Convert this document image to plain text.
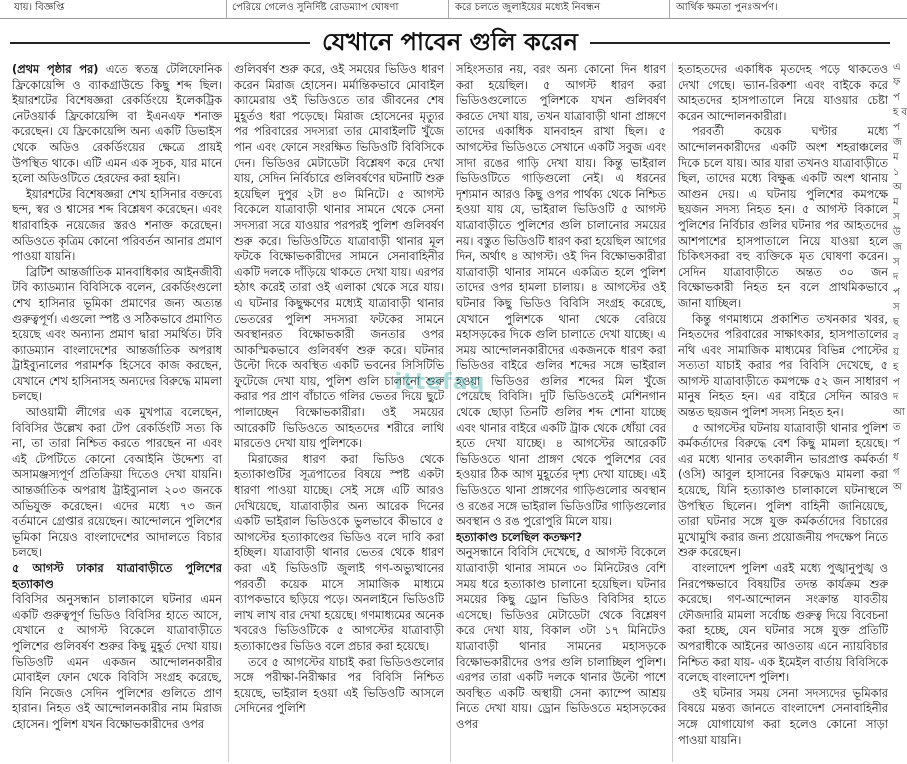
যায়। বিজ্ঞপ্তি	পেরিয়ে গেলেও সুনির্দিষ্ট রোডম্যাপ ঘোষণা	করে চলতে জুলাইয়ের মধ্যেই নিবন্ধন	আর্থিক ক্ষমতা পুনঃঅর্পণ।
যেখানে পাবেন গুলি করেন

(প্রথম পৃষ্ঠার পর) এতে স্বতন্ত্র টেলিফোনিক ফ্রিকোয়েন্সি ও ব্যাকগ্রাউন্ডে কিছু শব্দ ছিল। ইয়ারশটের বিশেষজ্ঞরা রেকর্ডিংয়ে ইলেকট্রিক নেটওয়ার্ক ফ্রিকোয়েন্সি বা ইএনএফ শনাক্ত করেছেন। যে ফ্রিকোয়েন্সি অন্য একটি ডিভাইস থেকে অডিও রেকর্ডিংয়ের ক্ষেত্রে প্রায়ই উপস্থিত থাকে। এটি এমন এক সূচক, যার মানে হলো অডিওটিতে হেরফের করা হয়নি।

ইয়ারশটের বিশেষজ্ঞরা শেখ হাসিনার বক্তব্যে ছন্দ, স্বর ও শ্বাসের শব্দ বিশ্লেষণ করেছেন। এবং ধারাবাহিক নয়েজের স্তরও শনাক্ত করেছেন। অডিওতে কৃত্রিম কোনো পরিবর্তন আনার প্রমাণ পাওয়া যায়নি।

ব্রিটিশ আন্তর্জাতিক মানবাধিকার আইনজীবী টবি ক্যাডম্যান বিবিসিকে বলেন, রেকর্ডিংগুলো শেখ হাসিনার ভূমিকা প্রমাণের জন্য অত্যন্ত গুরুত্বপূর্ণ। এগুলো স্পষ্ট ও সঠিকভাবে প্রমাণিত হয়েছে এবং অন্যান্য প্রমাণ দ্বারা সমর্থিত। টবি ক্যাডম্যান বাংলাদেশের আন্তর্জাতিক অপরাধ ট্রাইব্যুনালের পরামর্শক হিসেবে কাজ করছেন, যেখানে শেখ হাসিনাসহ অন্যদের বিরুদ্ধে মামলা চলছে।

আওয়ামী লীগের এক মুখপাত্র বলেছেন, বিবিসির উল্লেখ করা টেপ রেকর্ডিংটি সত্য কি না, তা তারা নিশ্চিত করতে পারছেন না এবং এই টেপটিতে কোনো বেআইনি উদ্দেশ্য বা অসামঞ্জস্যপূর্ণ প্রতিক্রিয়া দিতেও দেখা যায়নি। আন্তর্জাতিক অপরাধ ট্রাইব্যুনাল ২০৩ জনকে অভিযুক্ত করেছেন। এদের মধ্যে ৭৩ জন বর্তমানে গ্রেপ্তার রয়েছেন। আন্দোলনে পুলিশের ভূমিকা নিয়েও বাংলাদেশের আদালতে বিচার চলছে।

৫ আগস্ট ঢাকার যাত্রাবাড়ীতে পুলিশের হত্যাকাণ্ড

বিবিসির অনুসন্ধান চালাকালে ঘটনার এমন একটি গুরুত্বপূর্ণ ভিডিও বিবিসির হাতে আসে, যেখানে ৫ আগস্ট বিকেলে যাত্রাবাড়ীতে পুলিশের গুলিবর্ষণ শুরুর কিছু মুহূর্ত দেখা যায়। ভিডিওটি এমন একজন আন্দোলনকারীর মোবাইল ফোন থেকে বিবিসি সংগ্রহ করেছে, যিনি নিজেও সেদিন পুলিশের গুলিতে প্রাণ হারান। নিহত ওই আন্দোলনকারীর নাম মিরাজ হোসেন। পুলিশ যখন বিক্ষোভকারীদের ওপর

গুলিবর্ষণ শুরু করে, ওই সময়ের ভিডিও ধারণ করেন মিরাজ হোসেন। মর্মান্তিকভাবে মোবাইল ক্যামেরায় ওই ভিডিওতে তার জীবনের শেষ মুহূর্তও ধরা পড়েছে। মিরাজ হোসেনের মৃত্যুর পর পরিবারের সদস্যরা তার মোবাইলটি খুঁজে পান এবং ফোনে সংরক্ষিত ভিডিওটি বিবিসিকে দেন। ভিডিওর মেটাডেটা বিশ্লেষণ করে দেখা যায়, সেদিন নির্বিচারে গুলিবর্ষণের ঘটনাটি শুরু হয়েছিল দুপুর ২টা ৪৩ মিনিটে। ৫ আগস্ট বিকেলে যাত্রাবাড়ী থানার সামনে থেকে সেনা সদস্যরা সরে যাওয়ার পরপরই পুলিশ গুলিবর্ষণ শুরু করে। ভিডিওটিতে যাত্রাবাড়ী থানার মূল ফটকে বিক্ষোভকারীদের সামনে সেনাবাহিনীর একটি দলকে দাঁড়িয়ে থাকতে দেখা যায়। এরপর হঠাৎ করেই তারা ওই এলাকা থেকে সরে যায়। এ ঘটনার কিছুক্ষণের মধ্যেই যাত্রাবাড়ী থানার ভেতরের পুলিশ সদস্যরা ফটকের সামনে অবস্থানরত বিক্ষোভকারী জনতার ওপর আকস্মিকভাবে গুলিবর্ষণ শুরু করে। ঘটনার উল্টো দিকে অবস্থিত একটি ভবনের সিসিটিভি ফুটেজে দেখা যায়, পুলিশ গুলি চালানো শুরু করার পর প্রাণ বাঁচাতে গলির ভেতর দিয়ে ছুটে পালাচ্ছেন বিক্ষোভকারীরা। ওই সময়ের আরেকটি ভিডিওতে আহতদের শরীরে লাথি মারতেও দেখা যায় পুলিশকে।

মিরাজের ধারণ করা ভিডিও থেকে হত্যাকাণ্ডটির সূত্রপাতের বিষয়ে স্পষ্ট একটা ধারণা পাওয়া যাচ্ছে। সেই সঙ্গে এটি আরও দেখিয়েছে, যাত্রাবাড়ীর অন্য আরেক দিনের একটি ভাইরাল ভিডিওকে ভুলভাবে কীভাবে ৫ আগস্টের হত্যাকাণ্ডের ভিডিও বলে দাবি করা হচ্ছিল। যাত্রাবাড়ী থানার ভেতর থেকে ধারণ করা এই ভিডিওটি জুলাই গণ-অভ্যুত্থানের পরবর্তী কয়েক মাসে সামাজিক মাধ্যমে ব্যাপকভাবে ছড়িয়ে পড়ে। অনলাইনে ভিডিওটি লাখ লাখ বার দেখা হয়েছে। গণমাধ্যমের অনেক খবরেও ভিডিওটিকে ৫ আগস্টের যাত্রাবাড়ী হত্যাকাণ্ডের ভিডিও বলে প্রচার করা হয়েছে।

তবে ৫ আগস্টের যাচাই করা ভিডিওগুলোর সঙ্গে পরীক্ষা-নিরীক্ষার পর বিবিসি নিশ্চিত হয়েছে, ভাইরাল হওয়া এই ভিডিওটি আসলে সেদিনের পুলিশি

সহিংসতার নয়, বরং অন্য কোনো দিন ধারণ করা হয়েছিল। ৫ আগস্ট ধারণ করা ভিডিওগুলোতে পুলিশকে যখন গুলিবর্ষণ করতে দেখা যায়, তখন যাত্রাবাড়ী থানা প্রাঙ্গণে তাদের একাধিক যানবাহন রাখা ছিল। ৫ আগস্টের ভিডিওতে সেখানে একটি সবুজ এবং সাদা রঙের গাড়ি দেখা যায়। কিন্তু ভাইরাল ভিডিওটিতে গাড়িগুলো নেই। এ ধরনের দৃশ্যমান আরও কিছু ওপর পার্থক্য থেকে নিশ্চিত হওয়া যায় যে, ভাইরাল ভিডিওটি ৫ আগস্ট যাত্রাবাড়ীতে পুলিশের গুলি চালানোর সময়ের নয়। বস্তুত ভিডিওটি ধারণ করা হয়েছিল আগের দিন, অর্থাৎ ৪ আগস্ট। ওই দিন বিক্ষোভকারীরা যাত্রাবাড়ী থানার সামনে একত্রিত হলে পুলিশ তাদের ওপর হামলা চালায়। ৪ আগস্টের ওই ঘটনার কিছু ভিডিও বিবিসি সংগ্রহ করেছে, যেখানে পুলিশকে থানা থেকে বেরিয়ে মহাসড়কের দিকে গুলি চালাতে দেখা যাচ্ছে। এ সময় আন্দোলনকারীদের একজনকে ধারণ করা ভিডিওর বাইরে গুলির শব্দের সঙ্গে ভাইরাল হওয়া ভিডিওর গুলির শব্দের মিল খুঁজে পেয়েছে বিবিসি। দুটি ভিডিওতেই মেশিনগান থেকে ছোড়া তিনটি গুলির শব্দ শোনা যাচ্ছে এবং থানার বাইরে একটি ট্রাক থেকে ধোঁয়া বের হতে দেখা যাচ্ছে। ৪ আগস্টের আরেকটি ভিডিওতে থানা প্রাঙ্গণ থেকে পুলিশের বের হওয়ার ঠিক আগ মুহূর্তের দৃশ্য দেখা যাচ্ছে। এই ভিডিওতে থানা প্রাঙ্গণের গাড়িগুলোর অবস্থান ও রঙের সঙ্গে ভাইরাল ভিডিওটির গাড়িগুলোর অবস্থান ও রঙ পুরোপুরি মিলে যায়।

হত্যাকাণ্ড চলেছিল কতক্ষণ?

অনুসন্ধানে বিবিসি দেখেছে, ৫ আগস্ট বিকেলে যাত্রাবাড়ী থানার সামনে ৩০ মিনিটেরও বেশি সময় ধরে হত্যাকাণ্ড চালানো হয়েছিল। ঘটনার সময়ের কিছু ড্রোন ভিডিও বিবিসির হাতে এসেছে। ভিডিওর মেটাডেটা থেকে বিশ্লেষণ করে দেখা যায়, বিকাল ৩টা ১৭ মিনিটেও যাত্রাবাড়ী থানার সামনের মহাসড়কে বিক্ষোভকারীদের ওপর গুলি চালাচ্ছিল পুলিশ। এরপর তারা একটি দলকে থানার উল্টো পাশে অবস্থিত একটি অস্থায়ী সেনা ক্যাম্পে আশ্রয় নিতে দেখা যায়। ড্রোন ভিডিওতে মহাসড়কের ওপর

হতাহতদের একাধিক মৃতদেহ পড়ে থাকতেও দেখা গেছে। ভ্যান-রিকশা এবং বাইকে করে আহতদের হাসপাতালে নিয়ে যাওয়ার চেষ্টা করেন আন্দোলনকারীরা।

পরবর্তী কয়েক ঘণ্টার মধ্যে আন্দোলনকারীদের একটি অংশ শহরাঞ্চলের দিকে চলে যায়। আর যারা তখনও যাত্রাবাড়ীতে ছিল, তাদের মধ্যে বিক্ষুব্ধ একটি অংশ থানায় আগুন দেয়। এ ঘটনায় পুলিশের কমপক্ষে ছয়জন সদস্য নিহত হন। ৫ আগস্ট বিকালে পুলিশের নির্বিচার গুলির ঘটনার পর আহতদের আশপাশের হাসপাতালে নিয়ে যাওয়া হলে চিকিৎসকরা বহু ব্যক্তিকে মৃত ঘোষণা করেন। সেদিন যাত্রাবাড়ীতে অন্তত ৩০ জন বিক্ষোভকারী নিহত হন বলে প্রাথমিকভাবে জানা যাচ্ছিল।

কিন্তু গণমাধ্যমে প্রকাশিত তখনকার খবর, নিহতদের পরিবারের সাক্ষাৎকার, হাসপাতালের নথি এবং সামাজিক মাধ্যমের বিভিন্ন পোস্টের সত্যতা যাচাই করার পর বিবিসি দেখেছে, ৫ আগস্ট যাত্রাবাড়ীতে কমপক্ষে ৫২ জন সাধারণ মানুষ নিহত হন। এর বাইরে সেদিন আরও অন্তত ছয়জন পুলিশ সদস্য নিহত হন।

৫ আগস্টের ঘটনায় যাত্রাবাড়ী থানার পুলিশ কর্মকর্তাদের বিরুদ্ধে বেশ কিছু মামলা হয়েছে। এর মধ্যে থানার তৎকালীন ভারপ্রাপ্ত কর্মকর্তা (ওসি) আবুল হাসানের বিরুদ্ধেও মামলা করা হয়েছে, যিনি হত্যাকাণ্ড চালাকালে ঘটনাস্থলে উপস্থিত ছিলেন। পুলিশ বাহিনী জানিয়েছে, তারা ঘটনার সঙ্গে যুক্ত কর্মকর্তাদের বিচারের মুখোমুখি করার জন্য প্রয়োজনীয় পদক্ষেপ নিতে শুরু করেছেন।

বাংলাদেশ পুলিশ এরই মধ্যে পুঙ্খানুপুঙ্খ ও নিরপেক্ষভাবে বিষয়টির তদন্ত কার্যক্রম শুরু করেছে। গণ-আন্দোলন সংক্রান্ত যাবতীয় ফৌজদারি মামলা সর্বোচ্চ গুরুত্ব দিয়ে বিবেচনা করা হচ্ছে, যেন ঘটনার সঙ্গে যুক্ত প্রতিটি অপরাধীকে আইনের আওতায় এনে ন্যায়বিচার নিশ্চিত করা যায়- এক ইমেইল বার্তায় বিবিসিকে বলেছে বাংলাদেশ পুলিশ।

ওই ঘটনার সময় সেনা সদস্যদের ভূমিকার বিষয়ে মন্তব্য জানতে বাংলাদেশ সেনাবাহিনীর সঙ্গে যোগাযোগ করা হলেও কোনো সাড়া পাওয়া যায়নি।

এ ফ প হ ব প জ ম ১ অ ম স উ জ স দ প স ছ ব য় হ প দ আ ত প ধ গ অ
ittefaq
